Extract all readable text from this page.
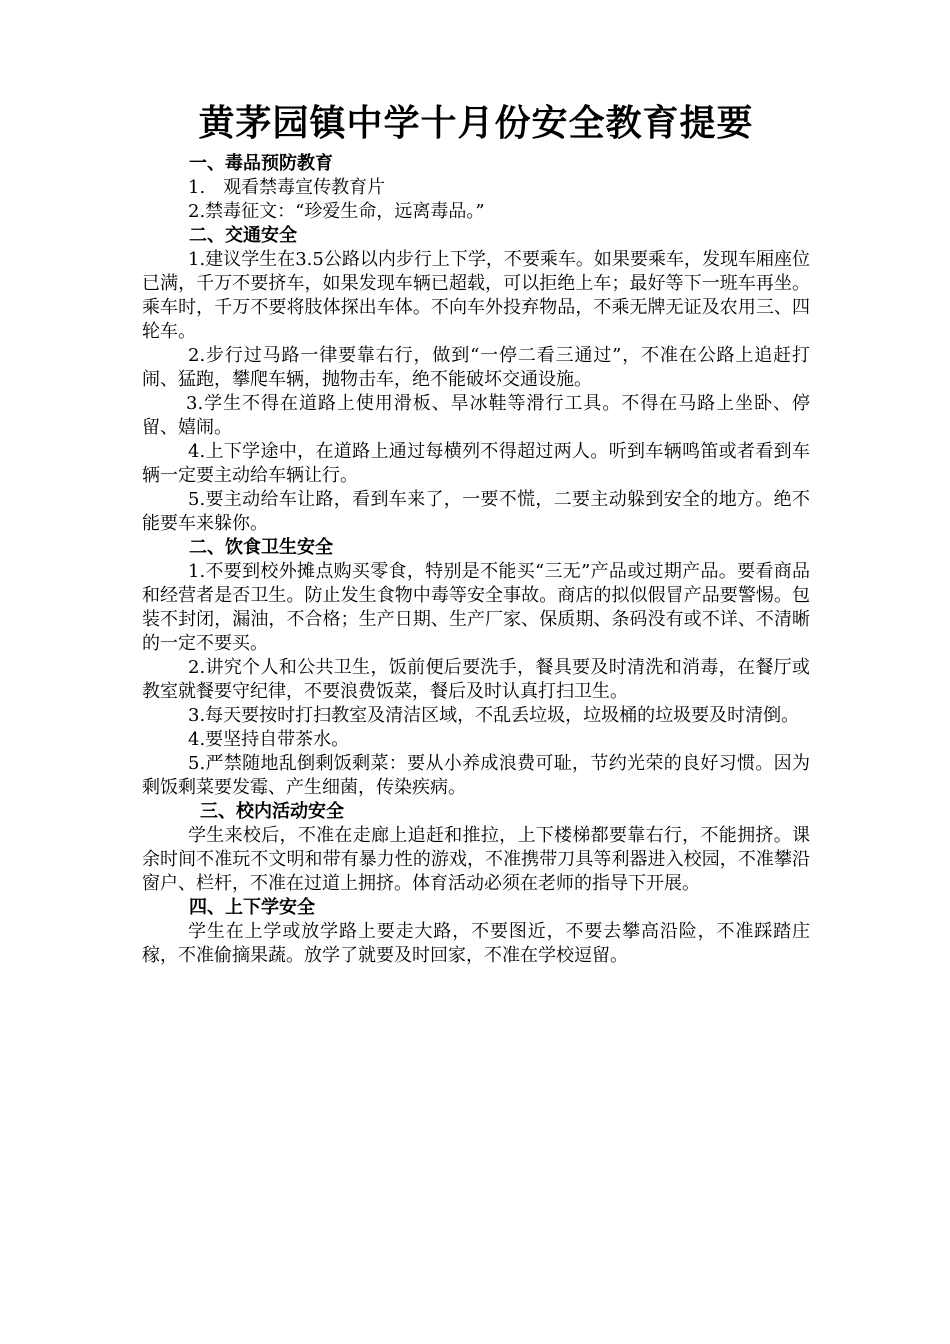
黄茅园镇中学十月份安全教育提要

一、毒品预防教育

1.　观看禁毒宣传教育片

2.禁毒征文：“珍爱生命，远离毒品。”

二、交通安全

1.建议学生在3.5公路以内步行上下学，不要乘车。如果要乘车，发现车厢座位已满，千万不要挤车，如果发现车辆已超载，可以拒绝上车；最好等下一班车再坐。乘车时，千万不要将肢体探出车体。不向车外投弃物品，不乘无牌无证及农用三、四轮车。

2.步行过马路一律要靠右行，做到“一停二看三通过”，不准在公路上追赶打闹、猛跑，攀爬车辆，抛物击车，绝不能破坏交通设施。

3.学生不得在道路上使用滑板、旱冰鞋等滑行工具。不得在马路上坐卧、停留、嬉闹。

4.上下学途中，在道路上通过每横列不得超过两人。听到车辆鸣笛或者看到车辆一定要主动给车辆让行。

5.要主动给车让路，看到车来了，一要不慌，二要主动躲到安全的地方。绝不能要车来躲你。

二、饮食卫生安全

1.不要到校外摊点购买零食，特别是不能买“三无”产品或过期产品。要看商品和经营者是否卫生。防止发生食物中毒等安全事故。商店的拟似假冒产品要警惕。包装不封闭，漏油，不合格；生产日期、生产厂家、保质期、条码没有或不详、不清晰的一定不要买。

2.讲究个人和公共卫生，饭前便后要洗手，餐具要及时清洗和消毒，在餐厅或教室就餐要守纪律，不要浪费饭菜，餐后及时认真打扫卫生。

3.每天要按时打扫教室及清洁区域，不乱丢垃圾，垃圾桶的垃圾要及时清倒。

4.要坚持自带茶水。

5.严禁随地乱倒剩饭剩菜：要从小养成浪费可耻，节约光荣的良好习惯。因为剩饭剩菜要发霉、产生细菌，传染疾病。

三、校内活动安全

学生来校后，不准在走廊上追赶和推拉，上下楼梯都要靠右行，不能拥挤。课余时间不准玩不文明和带有暴力性的游戏，不准携带刀具等利器进入校园，不准攀沿窗户、栏杆，不准在过道上拥挤。体育活动必须在老师的指导下开展。

四、上下学安全

学生在上学或放学路上要走大路，不要图近，不要去攀高沿险，不准踩踏庄稼，不准偷摘果蔬。放学了就要及时回家，不准在学校逗留。
